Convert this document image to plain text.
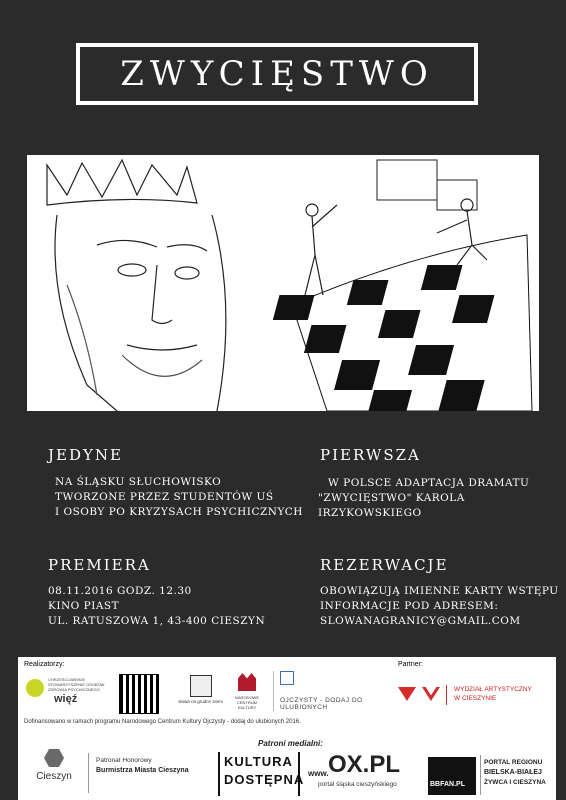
ZWYCIĘSTWO
JEDYNE
NA ŚLĄSKU SŁUCHOWISKO
TWORZONE PRZEZ STUDENTÓW UŚ
I OSOBY PO KRYZYSACH PSYCHICZNYCH
PIERWSZA
W POLSCE ADAPTACJA DRAMATU
"ZWYCIĘSTWO" KAROLA IRZYKOWSKIEGO
PREMIERA
08.11.2016 GODZ. 12.30
KINO PIAST
UL. RATUSZOWA 1, 43-400 CIESZYN
REZERWACJE
OBOWIĄZUJĄ IMIENNE KARTY WSTĘPU
INFORMACJE POD ADRESEM:
SLOWANAGRANICY@GMAIL.COM
Realizatorzy:	Partner:
CHRZEŚCIJAŃSKIE STOWARZYSZENIE OSOBÓW ZDROWIA PSYCHICZNEGO
więź	słowa na grudce ziemi
NARODOWE CENTRUM KULTURY
OJCZYSTY - DODAJ DO ULUBIONYCH
WYDZIAŁ ARTYSTYCZNY
W CIESZYNIE
Dofinansowano w ramach programu Narodowego Centrum Kultury Ojczysty - dodaj do ulubionych 2016.
Patroni medialni:
Cieszyn
Patronat Honorowy
Burmistrza Miasta Cieszyna
KULTURA
DOSTĘPNA www. OX.PL
portal śląska cieszyńskiego	BBFAN.PL
PORTAL REGIONU
BIELSKA-BIAŁEJ
ŻYWCA I CIESZYNA
